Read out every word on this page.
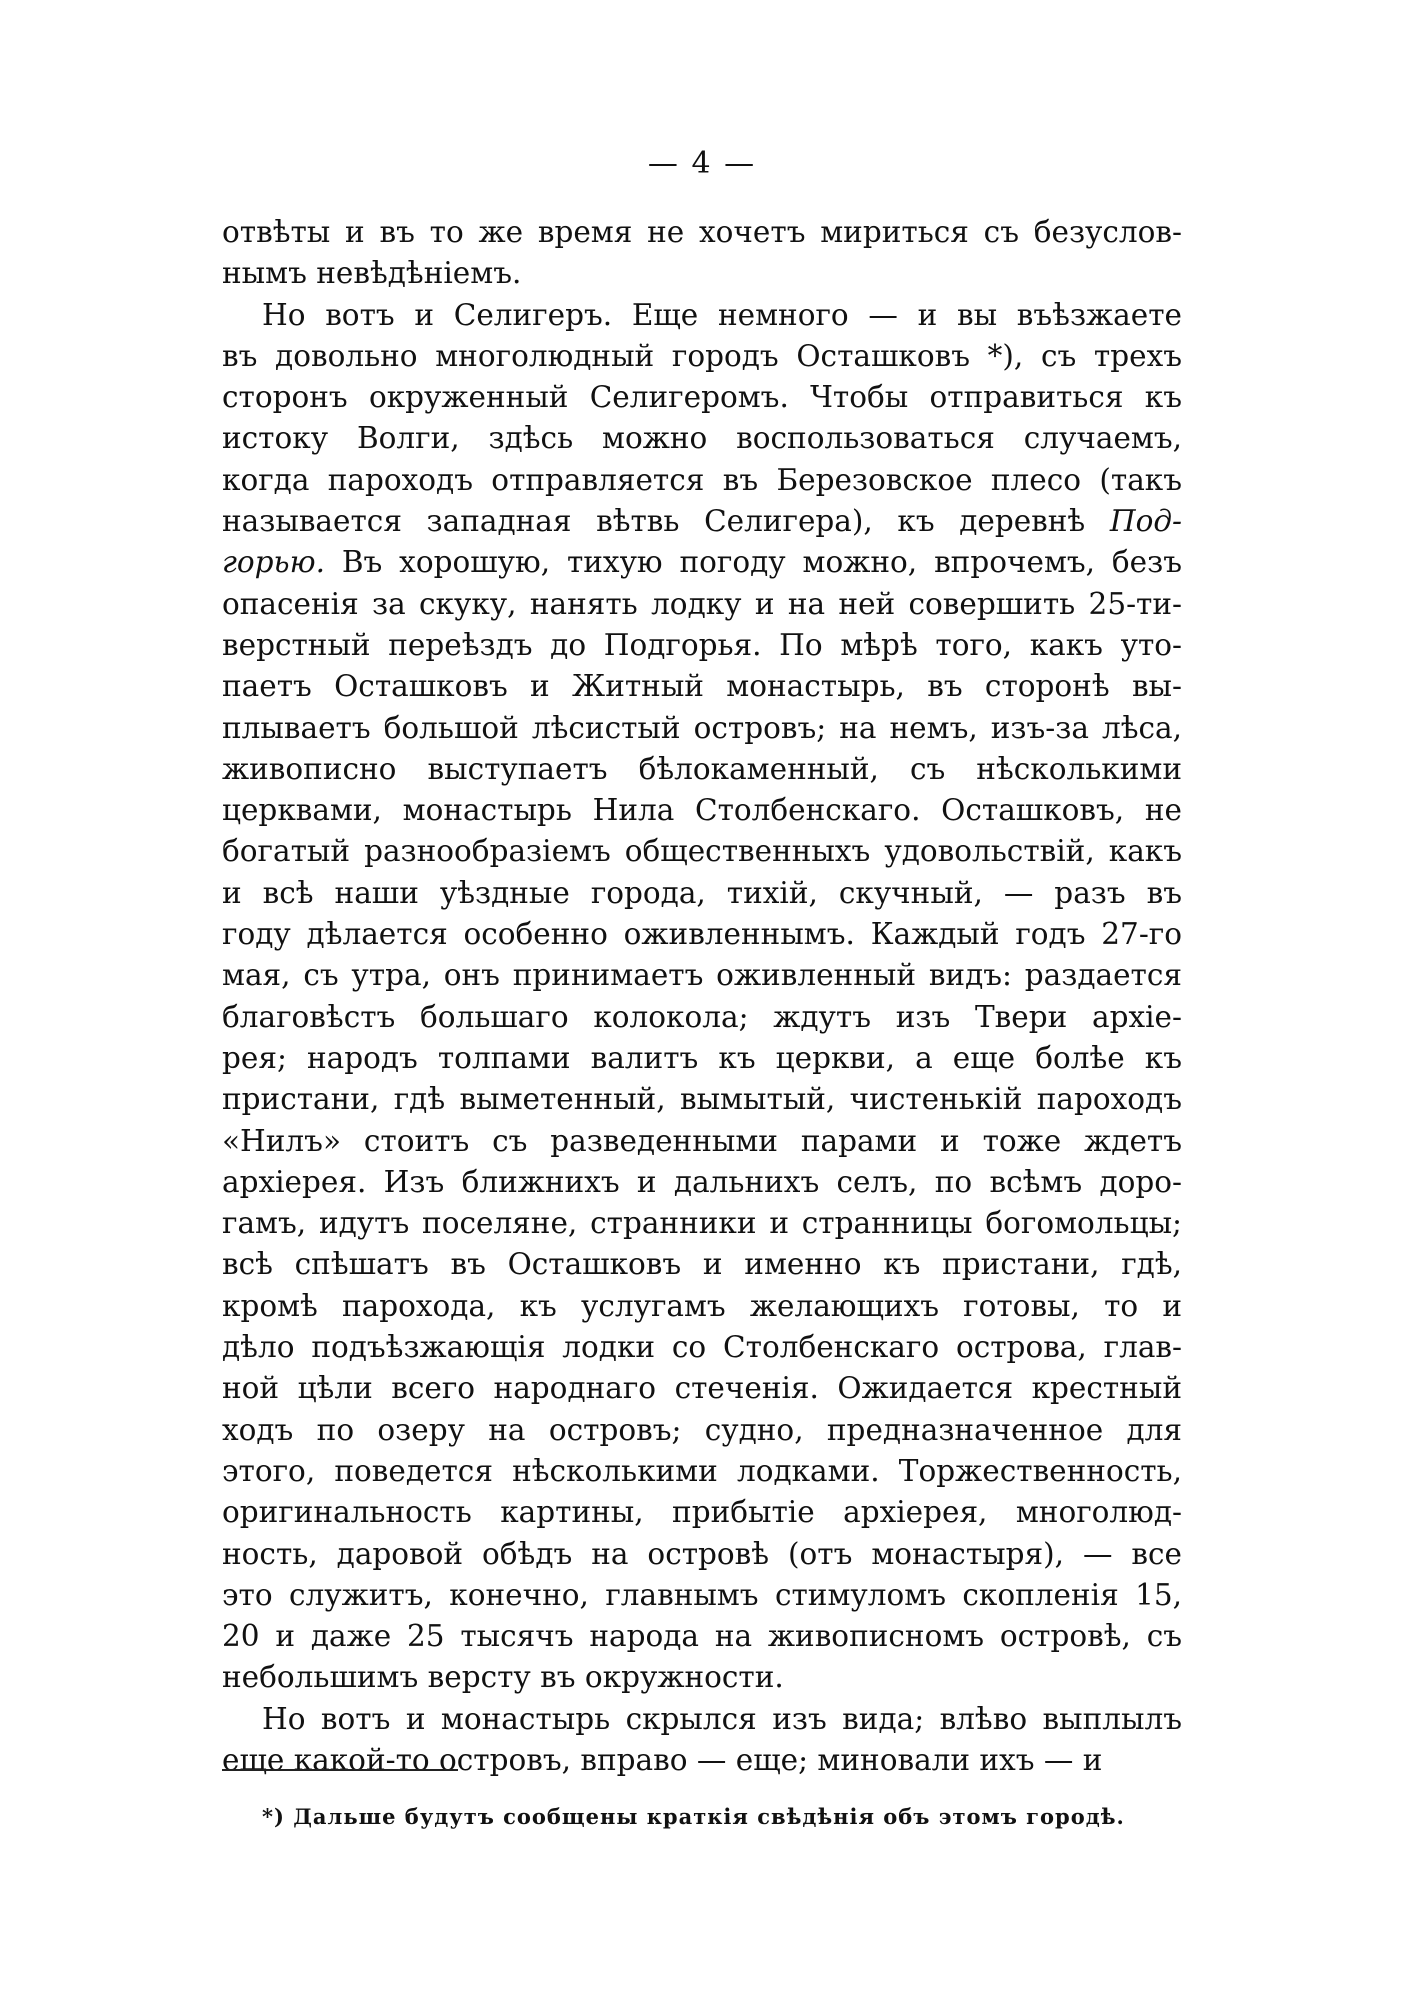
— 4 —
отвѣты и въ то же время не хочетъ мириться съ безуслов-
нымъ невѣдѣніемъ.
Но вотъ и Селигеръ. Еще немного — и вы въѣзжаете
въ довольно многолюдный городъ Осташковъ *), съ трехъ
сторонъ окруженный Селигеромъ. Чтобы отправиться къ
истоку Волги, здѣсь можно воспользоваться случаемъ,
когда пароходъ отправляется въ Березовское плесо (такъ
называется западная вѣтвь Селигера), къ деревнѣ Под-
горью. Въ хорошую, тихую погоду можно, впрочемъ, безъ
опасенія за скуку, нанять лодку и на ней совершить 25-ти-
верстный переѣздъ до Подгорья. По мѣрѣ того, какъ уто-
паетъ Осташковъ и Житный монастырь, въ сторонѣ вы-
плываетъ большой лѣсистый островъ; на немъ, изъ-за лѣса,
живописно выступаетъ бѣлокаменный, съ нѣсколькими
церквами, монастырь Нила Столбенскаго. Осташковъ, не
богатый разнообразіемъ общественныхъ удовольствій, какъ
и всѣ наши уѣздные города, тихій, скучный, — разъ въ
году дѣлается особенно оживленнымъ. Каждый годъ 27-го
мая, съ утра, онъ принимаетъ оживленный видъ: раздается
благовѣстъ большаго колокола; ждутъ изъ Твери архіе-
рея; народъ толпами валитъ къ церкви, а еще болѣе къ
пристани, гдѣ выметенный, вымытый, чистенькій пароходъ
«Нилъ» стоитъ съ разведенными парами и тоже ждетъ
архіерея. Изъ ближнихъ и дальнихъ селъ, по всѣмъ доро-
гамъ, идутъ поселяне, странники и странницы богомольцы;
всѣ спѣшатъ въ Осташковъ и именно къ пристани, гдѣ,
кромѣ парохода, къ услугамъ желающихъ готовы, то и
дѣло подъѣзжающія лодки со Столбенскаго острова, глав-
ной цѣли всего народнаго стеченія. Ожидается крестный
ходъ по озеру на островъ; судно, предназначенное для
этого, поведется нѣсколькими лодками. Торжественность,
оригинальность картины, прибытіе архіерея, многолюд-
ность, даровой обѣдъ на островѣ (отъ монастыря), — все
это служитъ, конечно, главнымъ стимуломъ скопленія 15,
20 и даже 25 тысячъ народа на живописномъ островѣ, съ
небольшимъ версту въ окружности.
Но вотъ и монастырь скрылся изъ вида; влѣво выплылъ
еще какой-то островъ, вправо — еще; миновали ихъ — и
*) Дальше будутъ сообщены краткія свѣдѣнія объ этомъ городѣ.
